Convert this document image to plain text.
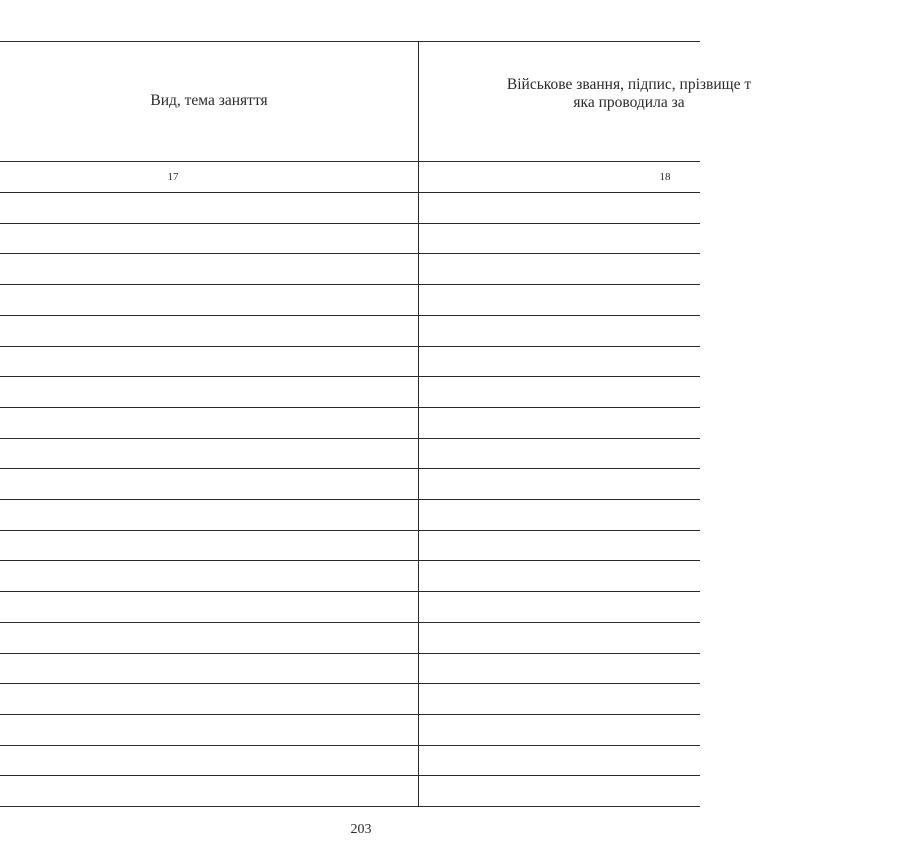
Вид, тема заняття
Військове звання, підпис, прізвище т
яка проводила за
17	18
203
